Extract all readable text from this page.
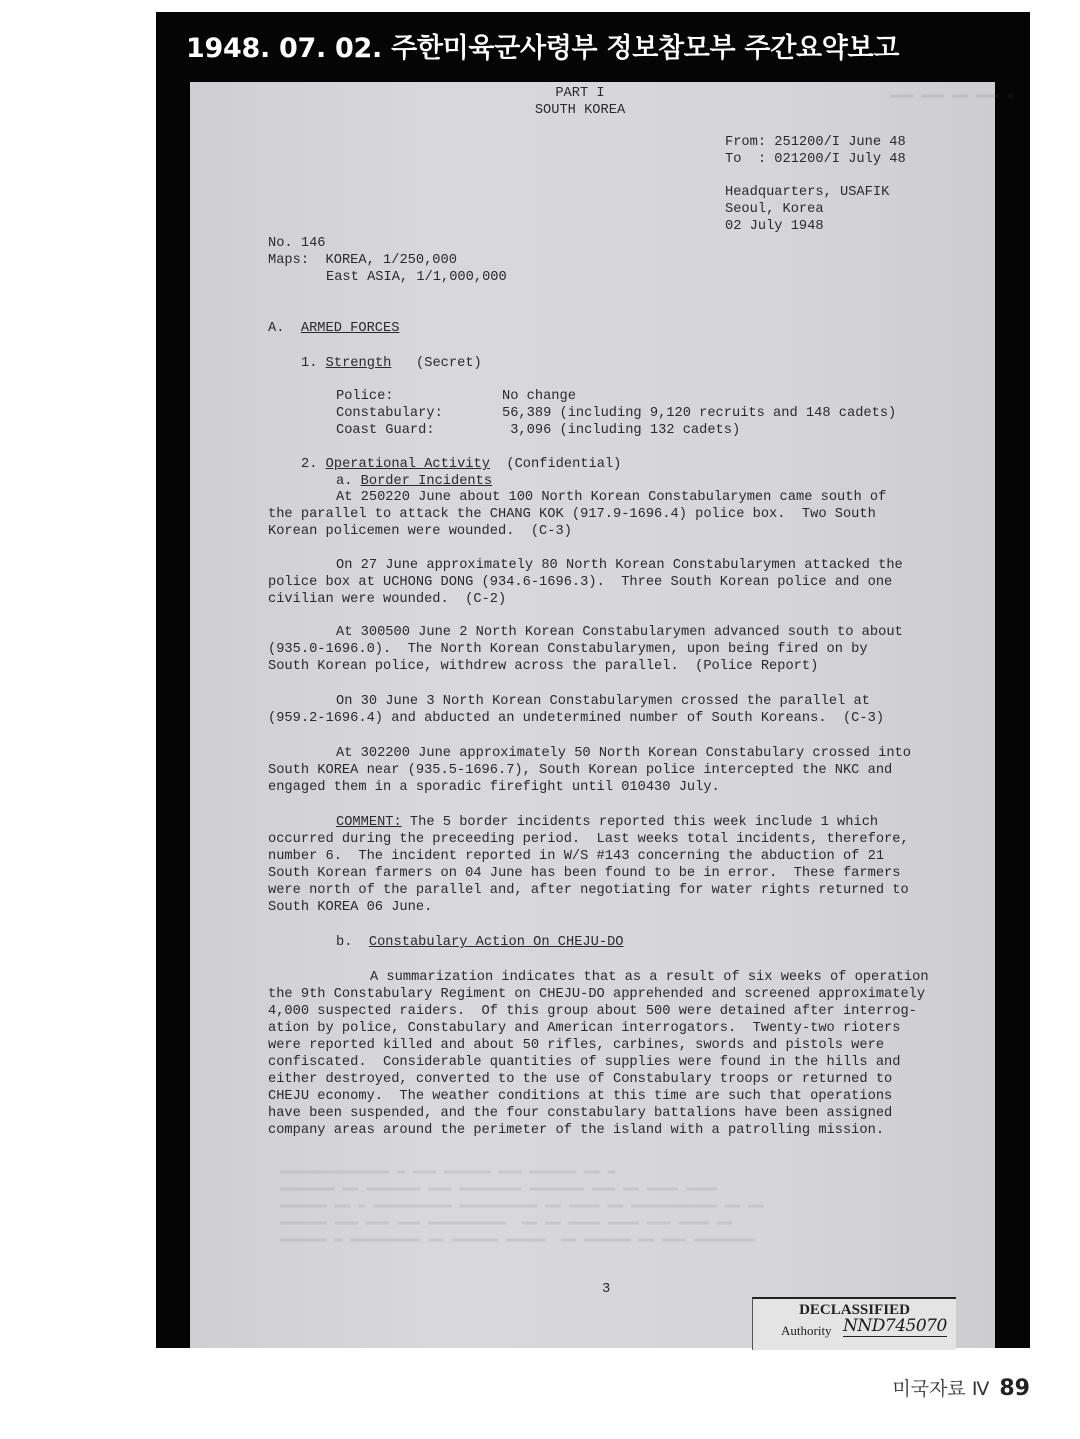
1948. 07. 02. 주한미육군사령부 정보참모부 주간요약보고
▬▬▬ ▬▬▬ ▬▬ ▬▬▬ ▬
PART I
SOUTH KOREA
From: 251200/I June 48
To  : 021200/I July 48
Headquarters, USAFIK
Seoul, Korea
02 July 1948
No. 146
Maps: KOREA, 1/250,000
East ASIA, 1/1,000,000
A. ARMED FORCES
1. Strength (Secret)
Police:	No change
Constabulary:	56,389 (including 9,120 recruits and 148 cadets)
Coast Guard:	3,096 (including 132 cadets)
2. Operational Activity (Confidential)
a. Border Incidents
At 250220 June about 100 North Korean Constabularymen came south of
the parallel to attack the CHANG KOK (917.9-1696.4) police box.  Two South
Korean policemen were wounded.  (C-3)
On 27 June approximately 80 North Korean Constabularymen attacked the
police box at UCHONG DONG (934.6-1696.3).  Three South Korean police and one
civilian were wounded.  (C-2)
At 300500 June 2 North Korean Constabularymen advanced south to about
(935.0-1696.0).  The North Korean Constabularymen, upon being fired on by
South Korean police, withdrew across the parallel.  (Police Report)
On 30 June 3 North Korean Constabularymen crossed the parallel at
(959.2-1696.4) and abducted an undetermined number of South Koreans.  (C-3)
At 302200 June approximately 50 North Korean Constabulary crossed into
South KOREA near (935.5-1696.7), South Korean police intercepted the NKC and
engaged them in a sporadic firefight until 010430 July.
COMMENT: The 5 border incidents reported this week include 1 which
occurred during the preceeding period.  Last weeks total incidents, therefore,
number 6.  The incident reported in W/S #143 concerning the abduction of 21
South Korean farmers on 04 June has been found to be in error.  These farmers
were north of the parallel and, after negotiating for water rights returned to
South KOREA 06 June.
b. Constabulary Action On CHEJU-DO
A summarization indicates that as a result of six weeks of operation
the 9th Constabulary Regiment on CHEJU-DO apprehended and screened approximately
4,000 suspected raiders.  Of this group about 500 were detained after interrog-
ation by police, Constabulary and American interrogators.  Twenty-two rioters
were reported killed and about 50 rifles, carbines, swords and pistols were
confiscated.  Considerable quantities of supplies were found in the hills and
either destroyed, converted to the use of Constabulary troops or returned to
CHEJU economy.  The weather conditions at this time are such that operations
have been suspended, and the four constabulary battalions have been assigned
company areas around the perimeter of the island with a patrolling mission.
▬▬▬▬▬▬▬▬▬▬▬▬▬▬ ▬ ▬▬▬ ▬▬▬▬▬▬ ▬▬▬ ▬▬▬▬▬▬ ▬▬ ▬
▬▬▬▬▬▬▬ ▬▬ ▬▬▬▬▬▬▬ ▬▬▬ ▬▬▬▬▬▬▬▬ ▬▬▬▬▬▬▬ ▬▬▬ ▬▬ ▬▬▬▬ ▬▬▬▬
▬▬▬▬▬▬ ▬▬ ▬ ▬▬▬▬▬▬▬▬▬▬ ▬▬▬▬▬▬▬▬▬▬ ▬▬ ▬▬▬▬ ▬▬ ▬▬▬▬▬▬▬▬▬▬▬ ▬▬ ▬▬
▬▬▬▬▬▬ ▬▬▬ ▬▬▬ ▬▬▬ ▬▬▬▬▬▬▬▬▬▬  ▬▬ ▬▬ ▬▬▬▬ ▬▬▬▬ ▬▬▬ ▬▬▬▬ ▬▬
▬▬▬▬▬▬ ▬ ▬▬▬▬▬▬▬▬▬ ▬▬ ▬▬▬▬▬▬ ▬▬▬▬▬  ▬▬ ▬▬▬▬▬▬ ▬▬ ▬▬▬ ▬▬▬▬▬▬▬▬
3
DECLASSIFIED
Authority NND745070
미국자료 Ⅳ 89
